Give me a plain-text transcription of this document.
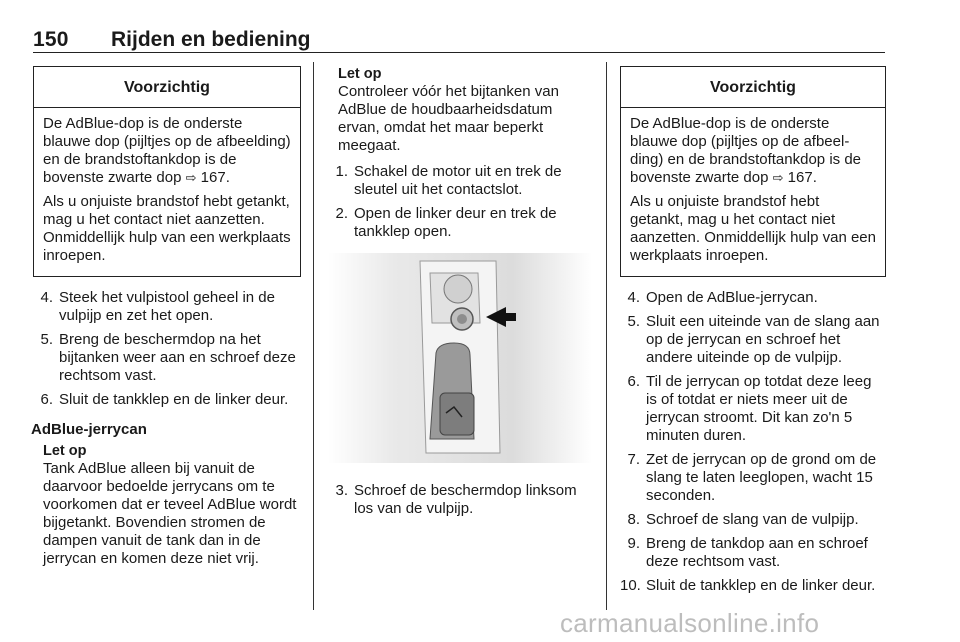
150 Rijden en bediening
Voorzichtig

De AdBlue-dop is de onderste blauwe dop (pijltjes op de afbeelding) en de brandstoftankdop is de bovenste zwarte dop ⇨ 167.

Als u onjuiste brandstof hebt getankt, mag u het contact niet aanzetten. Onmiddellijk hulp van een werkplaats inroepen.

4. Steek het vulpistool geheel in de vulpijp en zet het open.
5. Breng de beschermdop na het bijtanken weer aan en schroef deze rechtsom vast.
6. Sluit de tankklep en de linker deur.
AdBlue-jerrycan
Let op

Tank AdBlue alleen bij vanuit de daarvoor bedoelde jerrycans om te voorkomen dat er teveel AdBlue wordt bijgetankt. Bovendien stromen de dampen vanuit de tank dan in de jerrycan en komen deze niet vrij.

Let op

Controleer vóór het bijtanken van AdBlue de houdbaarheidsdatum ervan, omdat het maar beperkt meegaat.

1. Schakel de motor uit en trek de sleutel uit het contactslot.
2. Open de linker deur en trek de tankklep open.
3. Schroef de beschermdop linksom los van de vulpijp.
Voorzichtig

De AdBlue-dop is de onderste blauwe dop (pijltjes op de afbeelding) en de brandstoftankdop is de bovenste zwarte dop ⇨ 167.

Als u onjuiste brandstof hebt getankt, mag u het contact niet aanzetten. Onmiddellijk hulp van een werkplaats inroepen.

4. Open de AdBlue-jerrycan.
5. Sluit een uiteinde van de slang aan op de jerrycan en schroef het andere uiteinde op de vulpijp.
6. Til de jerrycan op totdat deze leeg is of totdat er niets meer uit de jerrycan stroomt. Dit kan zo'n 5 minuten duren.
7. Zet de jerrycan op de grond om de slang te laten leeglopen, wacht 15 seconden.
8. Schroef de slang van de vulpijp.
9. Breng de tankdop aan en schroef deze rechtsom vast.
10. Sluit de tankklep en de linker deur.
carmanualsonline.info
